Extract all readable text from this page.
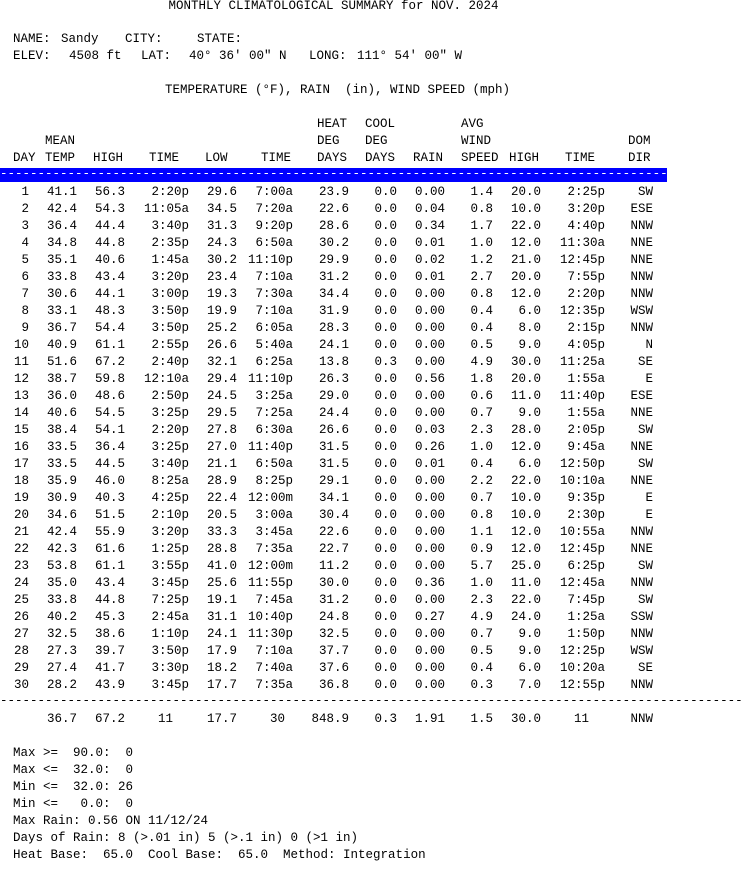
MONTHLY CLIMATOLOGICAL SUMMARY for NOV. 2024
NAME: Sandy CITY:	STATE:
ELEV: 4508 ft LAT: 40° 36' 00" N LONG: 111° 54' 00" W
TEMPERATURE (°F), RAIN  (in), WIND SPEED (mph)
HEAT COOL	AVG
MEAN	DEG DEG	WIND	DOM
DAY TEMP HIGH TIME LOW	TIME DAYS DAYS RAIN SPEED HIGH TIME	DIR
---------------------------------------------------------------------------------------------------
1	41.1	56.3	2:20p	29.6	7:00a	23.9	0.0	0.00	1.4	20.0	2:25p	SW
2	42.4	54.3	11:05a	34.5	7:20a	22.6	0.0	0.04	0.8	10.0	3:20p	ESE
3	36.4	44.4	3:40p	31.3	9:20p	28.6	0.0	0.34	1.7	22.0	4:40p	NNW
4	34.8	44.8	2:35p	24.3	6:50a	30.2	0.0	0.01	1.0	12.0	11:30a	NNE
5	35.1	40.6	1:45a	30.2 11:10p	29.9	0.0	0.02	1.2	21.0	12:45p	NNE
6	33.8	43.4	3:20p	23.4	7:10a	31.2	0.0	0.01	2.7	20.0	7:55p	NNW
7	30.6	44.1	3:00p	19.3	7:30a	34.4	0.0	0.00	0.8	12.0	2:20p	NNW
8	33.1	48.3	3:50p	19.9	7:10a	31.9	0.0	0.00	0.4	6.0	12:35p	WSW
9	36.7	54.4	3:50p	25.2	6:05a	28.3	0.0	0.00	0.4	8.0	2:15p	NNW
10	40.9	61.1	2:55p	26.6	5:40a	24.1	0.0	0.00	0.5	9.0	4:05p	N
11	51.6	67.2	2:40p	32.1	6:25a	13.8	0.3	0.00	4.9	30.0	11:25a	SE
12	38.7	59.8	12:10a	29.4 11:10p	26.3	0.0	0.56	1.8	20.0	1:55a	E
13	36.0	48.6	2:50p	24.5	3:25a	29.0	0.0	0.00	0.6	11.0	11:40p	ESE
14	40.6	54.5	3:25p	29.5	7:25a	24.4	0.0	0.00	0.7	9.0	1:55a	NNE
15	38.4	54.1	2:20p	27.8	6:30a	26.6	0.0	0.03	2.3	28.0	2:05p	SW
16	33.5	36.4	3:25p	27.0 11:40p	31.5	0.0	0.26	1.0	12.0	9:45a	NNE
17	33.5	44.5	3:40p	21.1	6:50a	31.5	0.0	0.01	0.4	6.0	12:50p	SW
18	35.9	46.0	8:25a	28.9	8:25p	29.1	0.0	0.00	2.2	22.0	10:10a	NNE
19	30.9	40.3	4:25p	22.4 12:00m	34.1	0.0	0.00	0.7	10.0	9:35p	E
20	34.6	51.5	2:10p	20.5	3:00a	30.4	0.0	0.00	0.8	10.0	2:30p	E
21	42.4	55.9	3:20p	33.3	3:45a	22.6	0.0	0.00	1.1	12.0	10:55a	NNW
22	42.3	61.6	1:25p	28.8	7:35a	22.7	0.0	0.00	0.9	12.0	12:45p	NNE
23	53.8	61.1	3:55p	41.0 12:00m	11.2	0.0	0.00	5.7	25.0	6:25p	SW
24	35.0	43.4	3:45p	25.6 11:55p	30.0	0.0	0.36	1.0	11.0	12:45a	NNW
25	33.8	44.8	7:25p	19.1	7:45a	31.2	0.0	0.00	2.3	22.0	7:45p	SW
26	40.2	45.3	2:45a	31.1 10:40p	24.8	0.0	0.27	4.9	24.0	1:25a	SSW
27	32.5	38.6	1:10p	24.1 11:30p	32.5	0.0	0.00	0.7	9.0	1:50p	NNW
28	27.3	39.7	3:50p	17.9	7:10a	37.7	0.0	0.00	0.5	9.0	12:25p	WSW
29	27.4	41.7	3:30p	18.2	7:40a	37.6	0.0	0.00	0.4	6.0	10:20a	SE
30	28.2	43.9	3:45p	17.7	7:35a	36.8	0.0	0.00	0.3	7.0	12:55p	NNW
---------------------------------------------------------------------------------------------------
36.7	67.2	11	17.7	30	848.9	0.3	1.91	1.5	30.0	11	NNW
Max >=  90.0:  0
Max <=  32.0:  0
Min <=  32.0: 26
Min <=   0.0:  0
Max Rain: 0.56 ON 11/12/24
Days of Rain: 8 (>.01 in) 5 (>.1 in) 0 (>1 in)
Heat Base:  65.0  Cool Base:  65.0  Method: Integration
